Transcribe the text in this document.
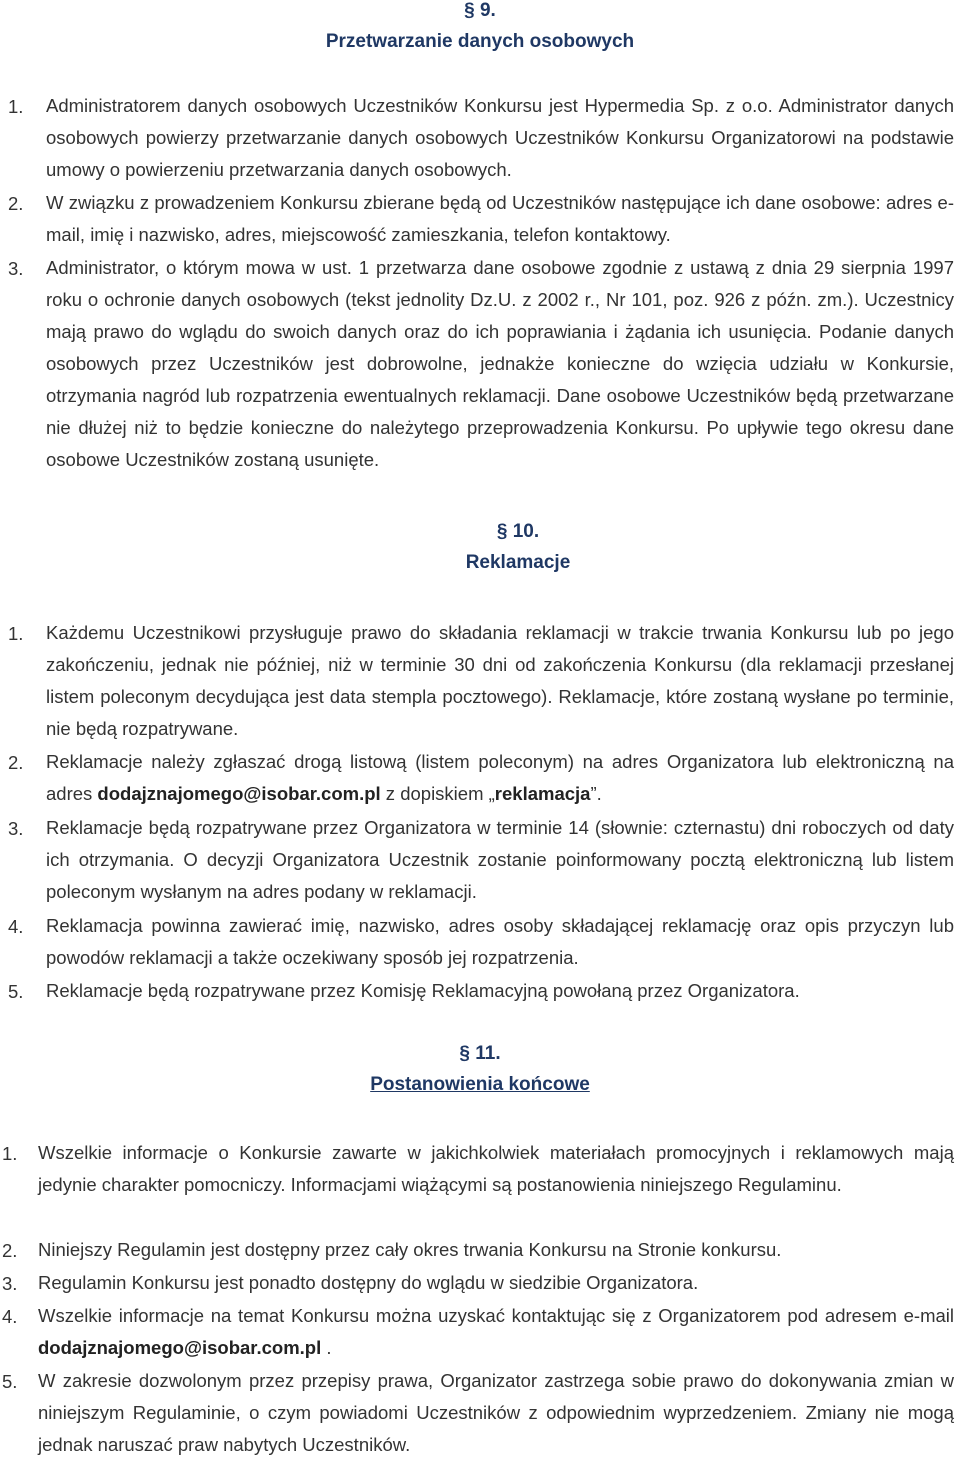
§ 9.
Przetwarzanie danych osobowych
1.	Administratorem danych osobowych Uczestników Konkursu jest Hypermedia Sp. z o.o. Administrator danych osobowych powierzy przetwarzanie danych osobowych Uczestników Konkursu Organizatorowi na podstawie umowy o powierzeniu przetwarzania danych osobowych.
2.	W związku z prowadzeniem Konkursu zbierane będą od Uczestników następujące ich dane osobowe: adres e-mail, imię i nazwisko, adres, miejscowość zamieszkania, telefon kontaktowy.
3.	Administrator, o którym mowa w ust. 1 przetwarza dane osobowe zgodnie z ustawą z dnia 29 sierpnia 1997 roku o ochronie danych osobowych (tekst jednolity Dz.U. z 2002 r., Nr 101, poz. 926 z późn. zm.). Uczestnicy mają prawo do wglądu do swoich danych oraz do ich poprawiania i żądania ich usunięcia. Podanie danych osobowych przez Uczestników jest dobrowolne, jednakże konieczne do wzięcia udziału w Konkursie, otrzymania nagród lub rozpatrzenia ewentualnych reklamacji. Dane osobowe Uczestników będą przetwarzane nie dłużej niż to będzie konieczne do należytego przeprowadzenia Konkursu. Po upływie tego okresu dane osobowe Uczestników zostaną usunięte.
§ 10.
Reklamacje
1.	Każdemu Uczestnikowi przysługuje prawo do składania reklamacji w trakcie trwania Konkursu lub po jego zakończeniu, jednak nie później, niż w terminie 30 dni od zakończenia Konkursu (dla reklamacji przesłanej listem poleconym decydująca jest data stempla pocztowego). Reklamacje, które zostaną wysłane po terminie, nie będą rozpatrywane.
2.	Reklamacje należy zgłaszać drogą listową (listem poleconym) na adres Organizatora lub elektroniczną na adres dodajznajomego@isobar.com.pl z dopiskiem „reklamacja”.
3.	Reklamacje będą rozpatrywane przez Organizatora w terminie 14 (słownie: czternastu) dni roboczych od daty ich otrzymania. O decyzji Organizatora Uczestnik zostanie poinformowany pocztą elektroniczną lub listem poleconym wysłanym na adres podany w reklamacji.
4.	Reklamacja powinna zawierać imię, nazwisko, adres osoby składającej reklamację oraz opis przyczyn lub powodów reklamacji a także oczekiwany sposób jej rozpatrzenia.
5.	Reklamacje będą rozpatrywane przez Komisję Reklamacyjną powołaną przez Organizatora.
§ 11.
Postanowienia końcowe
1.	Wszelkie informacje o Konkursie zawarte w jakichkolwiek materiałach promocyjnych i reklamowych mają jedynie charakter pomocniczy. Informacjami wiążącymi są postanowienia niniejszego Regulaminu.
2.	Niniejszy Regulamin jest dostępny przez cały okres trwania Konkursu na Stronie konkursu.
3.	Regulamin Konkursu jest ponadto dostępny do wglądu w siedzibie Organizatora.
4.	Wszelkie informacje na temat Konkursu można uzyskać kontaktując się z Organizatorem pod adresem e-mail dodajznajomego@isobar.com.pl .
5.	W zakresie dozwolonym przez przepisy prawa, Organizator zastrzega sobie prawo do dokonywania zmian w niniejszym Regulaminie, o czym powiadomi Uczestników z odpowiednim wyprzedzeniem. Zmiany nie mogą jednak naruszać praw nabytych Uczestników.
